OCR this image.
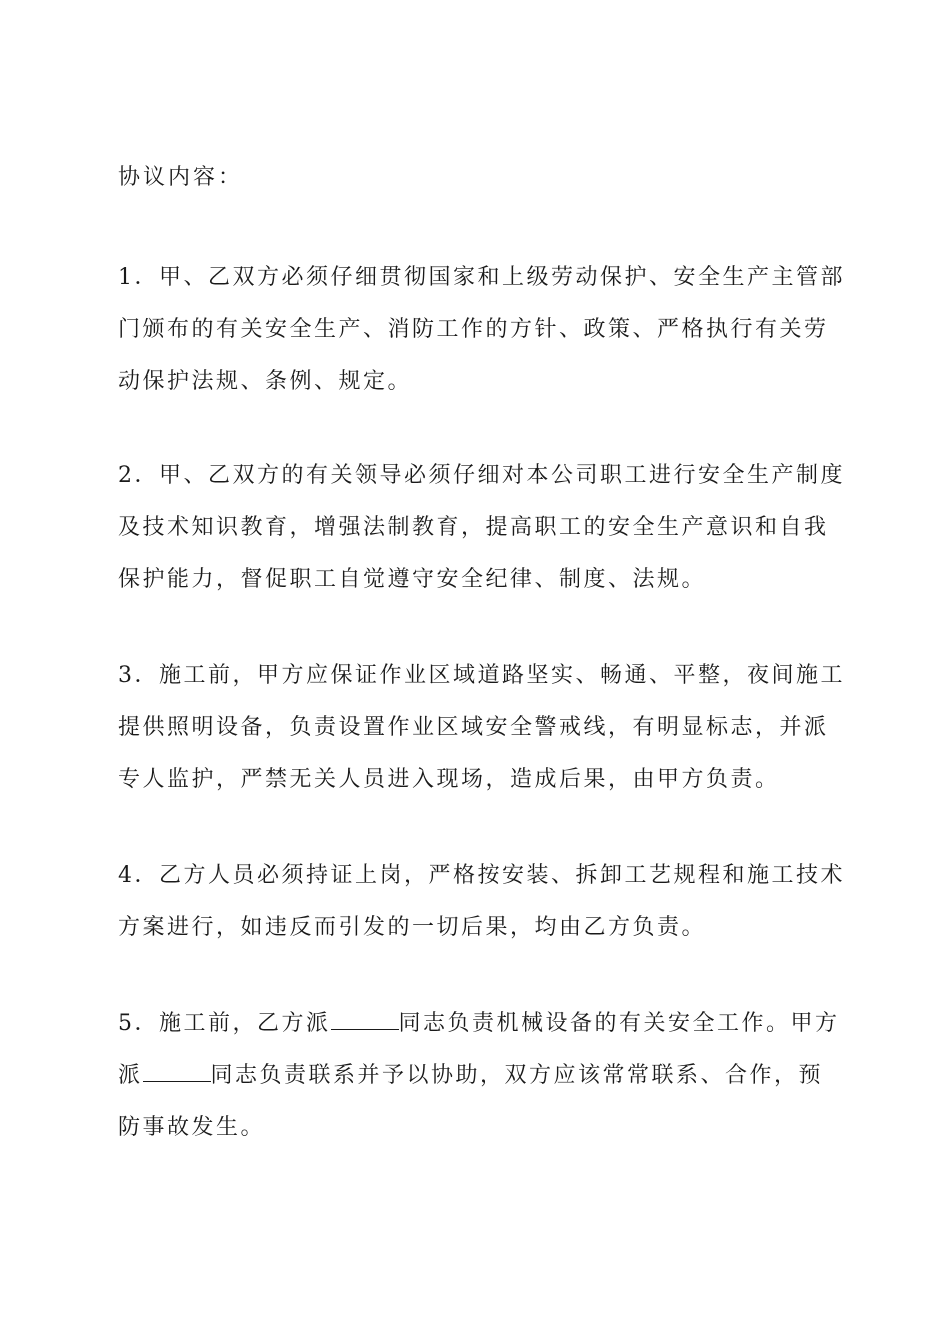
协议内容：
1．甲、乙双方必须仔细贯彻国家和上级劳动保护、安全生产主管部
门颁布的有关安全生产、消防工作的方针、政策、严格执行有关劳
动保护法规、条例、规定。
2．甲、乙双方的有关领导必须仔细对本公司职工进行安全生产制度
及技术知识教育，增强法制教育，提高职工的安全生产意识和自我
保护能力，督促职工自觉遵守安全纪律、制度、法规。
3．施工前，甲方应保证作业区域道路坚实、畅通、平整，夜间施工
提供照明设备，负责设置作业区域安全警戒线，有明显标志，并派
专人监护，严禁无关人员进入现场，造成后果，由甲方负责。
4．乙方人员必须持证上岗，严格按安装、拆卸工艺规程和施工技术
方案进行，如违反而引发的一切后果，均由乙方负责。
5．施工前，乙方派	同志负责机械设备的有关安全工作。甲方
派	同志负责联系并予以协助，双方应该常常联系、合作，预
防事故发生。
